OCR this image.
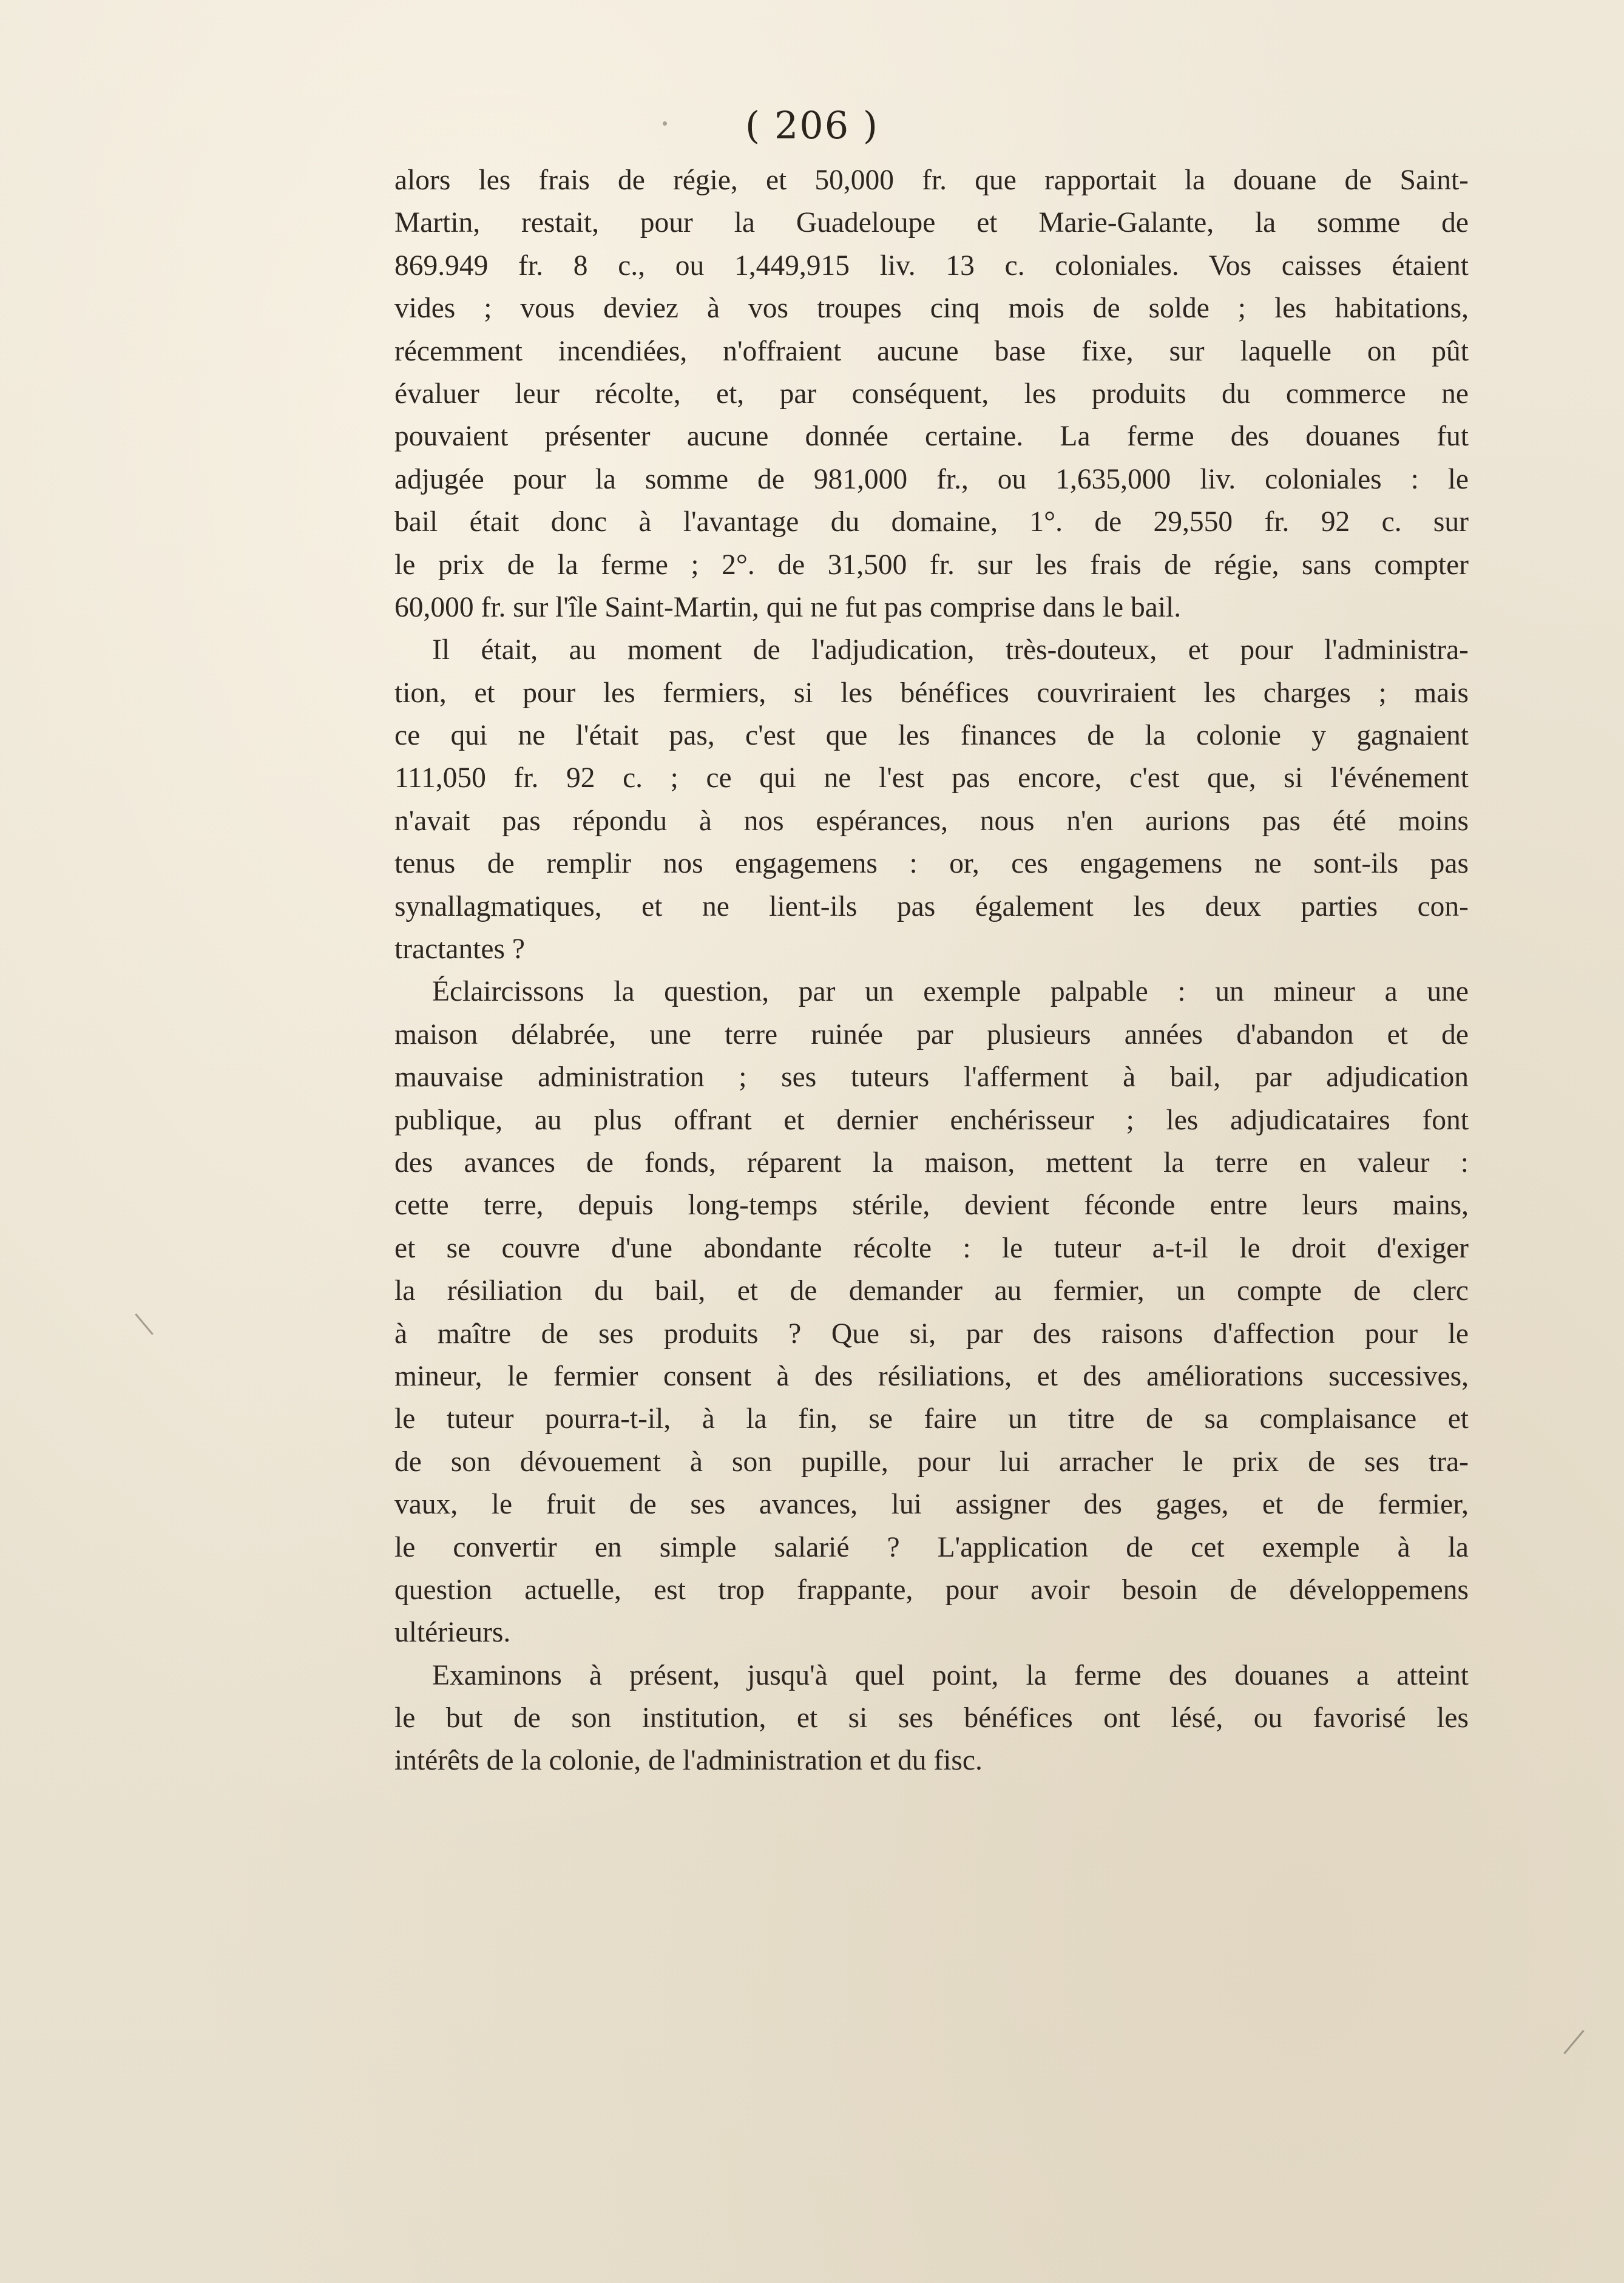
( 206 )
alors les frais de régie, et 50,000 fr. que rapportait la douane de Saint-
Martin, restait, pour la Guadeloupe et Marie-Galante, la somme de
869.949 fr. 8 c., ou 1,449,915 liv. 13 c. coloniales. Vos caisses étaient
vides ; vous deviez à vos troupes cinq mois de solde ; les habitations,
récemment incendiées, n'offraient aucune base fixe, sur laquelle on pût
évaluer leur récolte, et, par conséquent, les produits du commerce ne
pouvaient présenter aucune donnée certaine. La ferme des douanes fut
adjugée pour la somme de 981,000 fr., ou 1,635,000 liv. coloniales : le
bail était donc à l'avantage du domaine, 1°. de 29,550 fr. 92 c. sur
le prix de la ferme ; 2°. de 31,500 fr. sur les frais de régie, sans compter
60,000 fr. sur l'île Saint-Martin, qui ne fut pas comprise dans le bail.
Il était, au moment de l'adjudication, très-douteux, et pour l'administra-
tion, et pour les fermiers, si les bénéfices couvriraient les charges ; mais
ce qui ne l'était pas, c'est que les finances de la colonie y gagnaient
111,050 fr. 92 c. ; ce qui ne l'est pas encore, c'est que, si l'événement
n'avait pas répondu à nos espérances, nous n'en aurions pas été moins
tenus de remplir nos engagemens : or, ces engagemens ne sont-ils pas
synallagmatiques, et ne lient-ils pas également les deux parties con-
tractantes ?
Éclaircissons la question, par un exemple palpable : un mineur a une
maison délabrée, une terre ruinée par plusieurs années d'abandon et de
mauvaise administration ; ses tuteurs l'afferment à bail, par adjudication
publique, au plus offrant et dernier enchérisseur ; les adjudicataires font
des avances de fonds, réparent la maison, mettent la terre en valeur :
cette terre, depuis long-temps stérile, devient féconde entre leurs mains,
et se couvre d'une abondante récolte : le tuteur a-t-il le droit d'exiger
la résiliation du bail, et de demander au fermier, un compte de clerc
à maître de ses produits ? Que si, par des raisons d'affection pour le
mineur, le fermier consent à des résiliations, et des améliorations successives,
le tuteur pourra-t-il, à la fin, se faire un titre de sa complaisance et
de son dévouement à son pupille, pour lui arracher le prix de ses tra-
vaux, le fruit de ses avances, lui assigner des gages, et de fermier,
le convertir en simple salarié ? L'application de cet exemple à la
question actuelle, est trop frappante, pour avoir besoin de développemens
ultérieurs.
Examinons à présent, jusqu'à quel point, la ferme des douanes a atteint
le but de son institution, et si ses bénéfices ont lésé, ou favorisé les
intérêts de la colonie, de l'administration et du fisc.
